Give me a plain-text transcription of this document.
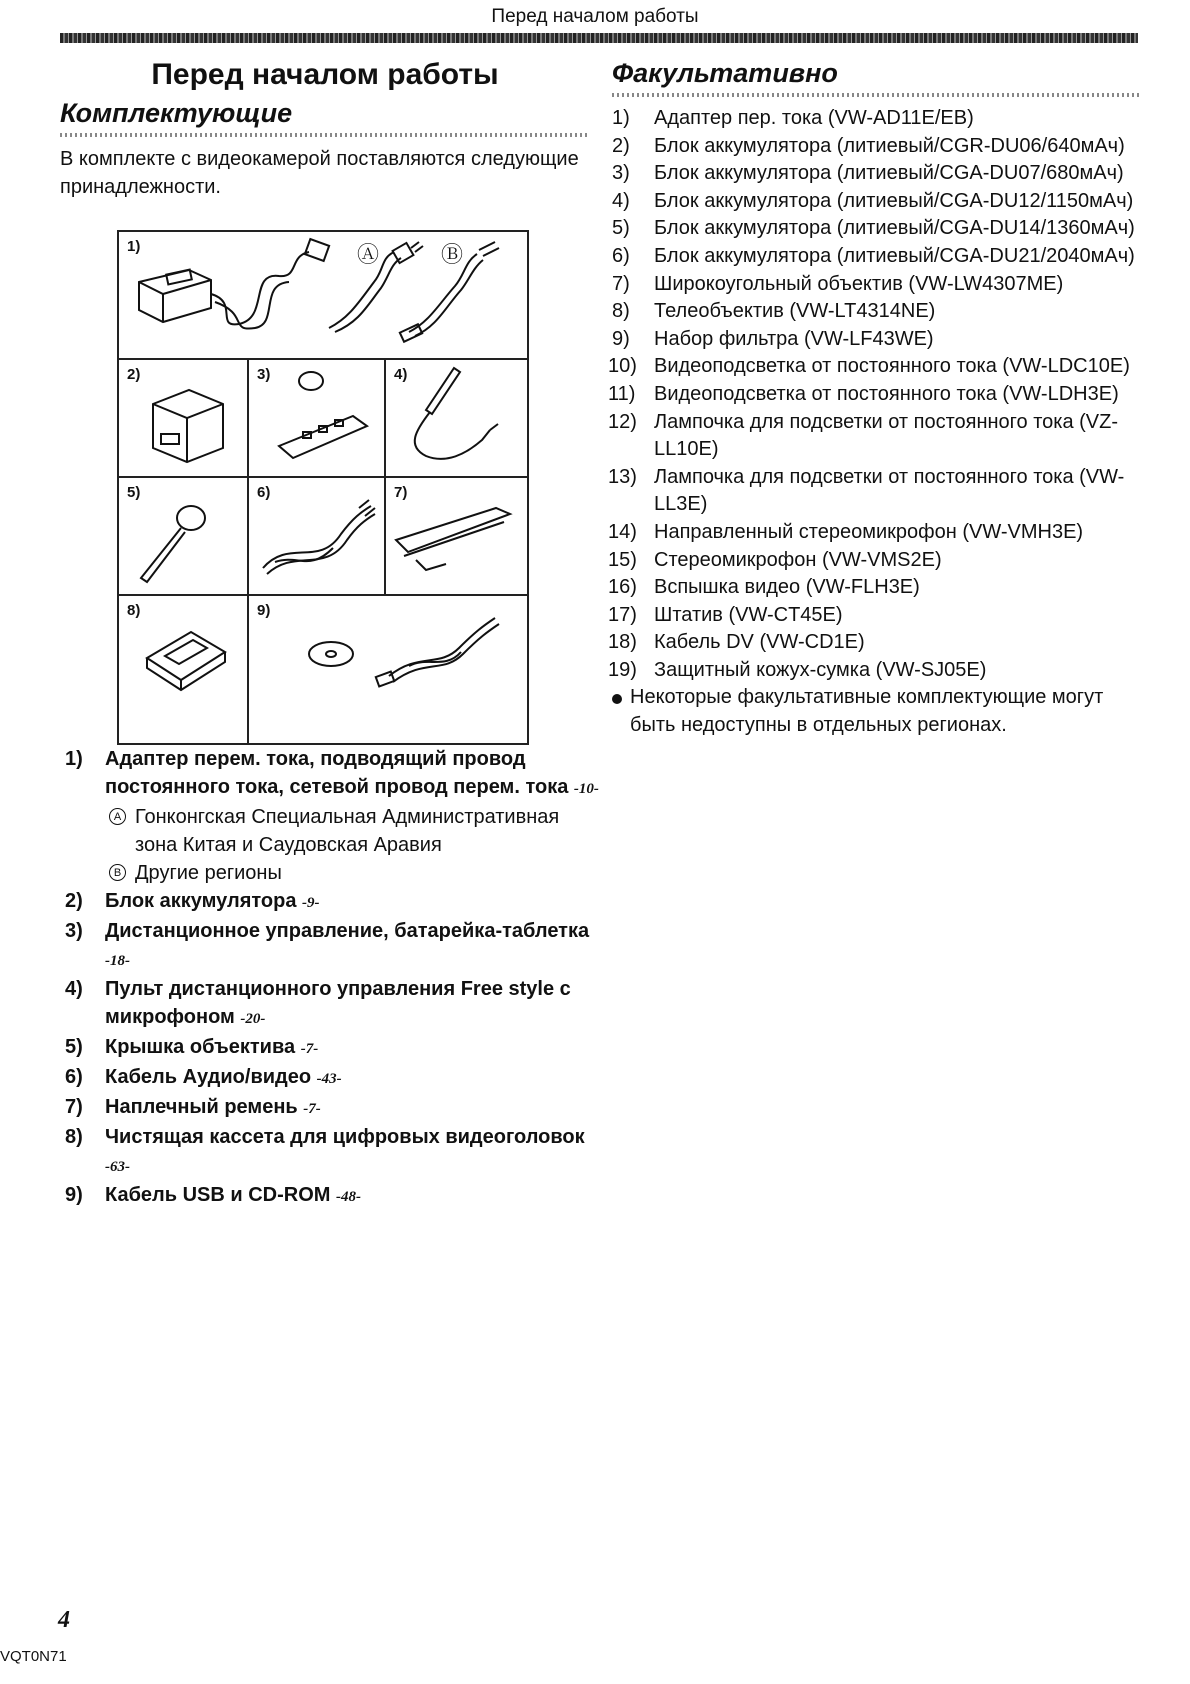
Перед началом работы
Перед началом работы
Комплектующие

В комплекте с видеокамерой поставляются следующие принадлежности.

1)	Ⓐ	Ⓑ
2)	3)	4)
5)	6)	7)
8)	9)
1) Адаптер перем. тока, подводящий провод постоянного тока, сетевой провод перем. тока -10-
A Гонконгская Специальная Административная зона Китая и Саудовская Аравия
B Другие регионы
2) Блок аккумулятора -9-
3) Дистанционное управление, батарейка-таблетка -18-
4) Пульт дистанционного управления Free style с микрофоном -20-
5) Крышка объектива -7-
6) Кабель Аудио/видео -43-
7) Наплечный ремень -7-
8) Чистящая кассета для цифровых видеоголовок -63-
9) Кабель USB и CD-ROM -48-
Факультативно
1) Адаптер пер. тока (VW-AD11E/EB)
2) Блок аккумулятора (литиевый/CGR-DU06/640мАч)
3) Блок аккумулятора (литиевый/CGA-DU07/680мАч)
4) Блок аккумулятора (литиевый/CGA-DU12/1150мАч)
5) Блок аккумулятора (литиевый/CGA-DU14/1360мАч)
6) Блок аккумулятора (литиевый/CGA-DU21/2040мАч)
7) Широкоугольный объектив (VW-LW4307ME)
8) Телеобъектив (VW-LT4314NE)
9) Набор фильтра (VW-LF43WE)
10) Видеоподсветка от постоянного тока (VW-LDC10E)
11) Видеоподсветка от постоянного тока (VW-LDH3E)
12) Лампочка для подсветки от постоянного тока (VZ-LL10E)
13) Лампочка для подсветки от постоянного тока (VW-LL3E)
14) Направленный стереомикрофон (VW-VMH3E)
15) Стереомикрофон (VW-VMS2E)
16) Вспышка видео (VW-FLH3E)
17) Штатив (VW-CT45E)
18) Кабель DV (VW-CD1E)
19) Защитный кожух-сумка (VW-SJ05E)
Некоторые факультативные комплектующие могут быть недоступны в отдельных регионах.
4
VQT0N71
